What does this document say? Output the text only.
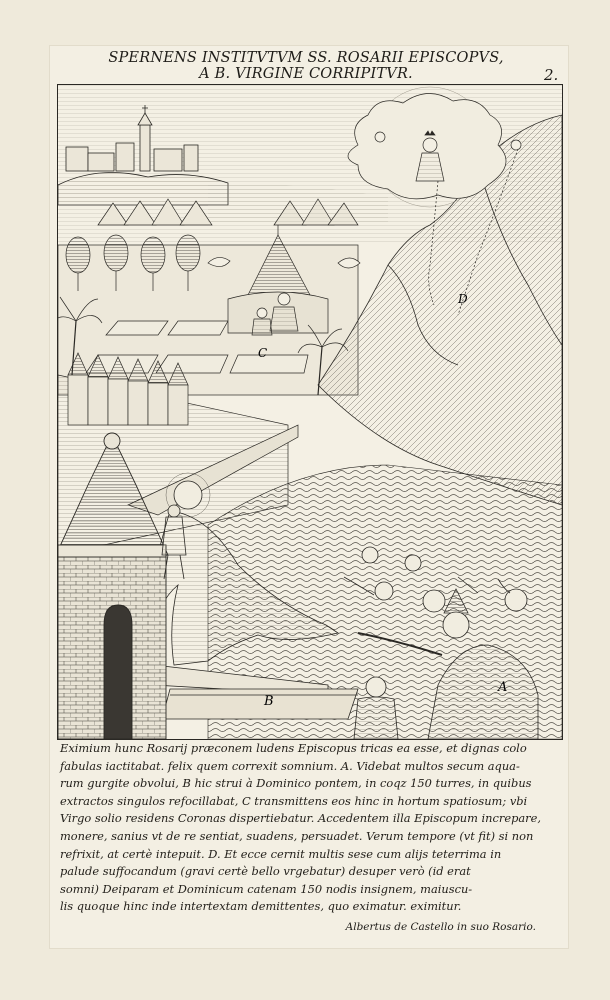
SPERNENS INSTITVTVM SS. ROSARII EPISCOPVS,
A B. VIRGINE CORRIPITVR.	2.
A
B
C
D
Eximium hunc Rosarij præconem ludens Episcopus tricas ea esse, et dignas colo
fabulas iactitabat. felix quem correxit somnium. A. Videbat multos secum aqua-
rum gurgite obvolui, B hic strui à Dominico pontem, in coqz 150 turres, in quibus
extractos singulos refocillabat, C transmittens eos hinc in hortum spatiosum; vbi
Virgo solio residens Coronas dispertiebatur. Accedentem illa Episcopum increpare,
monere, sanius vt de re sentiat, suadens, persuadet. Verum tempore (vt fit) si non
refrixit, at certè intepuit. D. Et ecce cernit multis sese cum alijs teterrima in
palude suffocandum (gravi certè bello vrgebatur) desuper verò (id erat
somni) Deiparam et Dominicum catenam 150 nodis insignem, maiuscu-
lis quoque hinc inde intertextam demittentes, quo eximatur. eximitur.
Albertus de Castello in suo Rosario.
